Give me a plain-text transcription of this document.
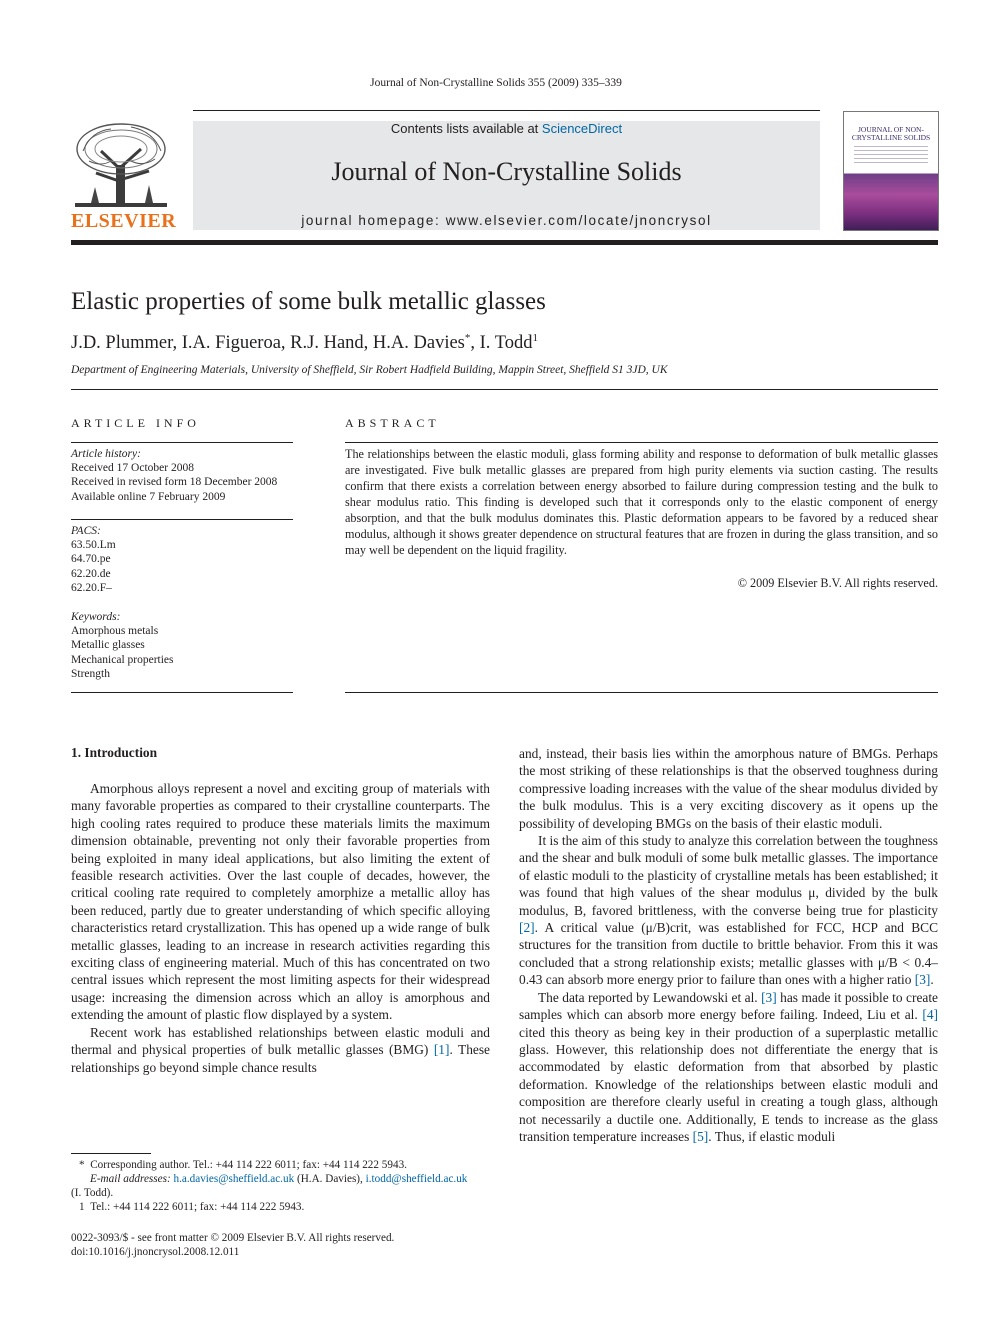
Journal of Non-Crystalline Solids 355 (2009) 335–339
ELSEVIER
Contents lists available at ScienceDirect
Journal of Non-Crystalline Solids
journal homepage: www.elsevier.com/locate/jnoncrysol
JOURNAL OF NON-CRYSTALLINE SOLIDS
Elastic properties of some bulk metallic glasses
J.D. Plummer, I.A. Figueroa, R.J. Hand, H.A. Davies*, I. Todd$^1$
Department of Engineering Materials, University of Sheffield, Sir Robert Hadfield Building, Mappin Street, Sheffield S1 3JD, UK
ARTICLE INFO
Article history:
Received 17 October 2008
Received in revised form 18 December 2008
Available online 7 February 2009
PACS:
63.50.Lm
64.70.pe
62.20.de
62.20.F–
Keywords:
Amorphous metals
Metallic glasses
Mechanical properties
Strength
ABSTRACT
The relationships between the elastic moduli, glass forming ability and response to deformation of bulk metallic glasses are investigated. Five bulk metallic glasses are prepared from high purity elements via suction casting. The results confirm that there exists a correlation between energy absorbed to failure during compression testing and the bulk to shear modulus ratio. This finding is developed such that it corresponds only to the elastic component of energy absorption, and that the bulk modulus dominates this. Plastic deformation appears to be favored by a reduced shear modulus, although it shows greater dependence on structural features that are frozen in during the glass transition, and so may well be dependent on the liquid fragility.
© 2009 Elsevier B.V. All rights reserved.
1. Introduction

Amorphous alloys represent a novel and exciting group of materials with many favorable properties as compared to their crystalline counterparts. The high cooling rates required to produce these materials limits the maximum dimension obtainable, preventing not only their favorable properties from being exploited in many ideal applications, but also limiting the extent of feasible research activities. Over the last couple of decades, however, the critical cooling rate required to completely amorphize a metallic alloy has been reduced, partly due to greater understanding of which specific alloying characteristics retard crystallization. This has opened up a wide range of bulk metallic glasses, leading to an increase in research activities regarding this exciting class of engineering material. Much of this has concentrated on two central issues which represent the most limiting aspects for their widespread usage: increasing the dimension across which an alloy is amorphous and extending the amount of plastic flow displayed by a system.

Recent work has established relationships between elastic moduli and thermal and physical properties of bulk metallic glasses (BMG) [1]. These relationships go beyond simple chance results

and, instead, their basis lies within the amorphous nature of BMGs. Perhaps the most striking of these relationships is that the observed toughness during compressive loading increases with the value of the shear modulus divided by the bulk modulus. This is a very exciting discovery as it opens up the possibility of developing BMGs on the basis of their elastic moduli.

It is the aim of this study to analyze this correlation between the toughness and the shear and bulk moduli of some bulk metallic glasses. The importance of elastic moduli to the plasticity of crystalline metals has been established; it was found that high values of the shear modulus μ, divided by the bulk modulus, B, favored brittleness, with the converse being true for plasticity [2]. A critical value (μ/B)crit, was established for FCC, HCP and BCC structures for the transition from ductile to brittle behavior. From this it was concluded that a strong relationship exists; metallic glasses with μ/B < 0.4–0.43 can absorb more energy prior to failure than ones with a higher ratio [3].

The data reported by Lewandowski et al. [3] has made it possible to create samples which can absorb more energy before failing. Indeed, Liu et al. [4] cited this theory as being key in their production of a superplastic metallic glass. However, this relationship does not differentiate the energy that is accommodated by elastic deformation from that absorbed by plastic deformation. Knowledge of the relationships between elastic moduli and composition are therefore clearly useful in creating a tough glass, although not necessarily a ductile one. Additionally, E tends to increase as the glass transition temperature increases [5]. Thus, if elastic moduli

* Corresponding author. Tel.: +44 114 222 6011; fax: +44 114 222 5943.
E-mail addresses: h.a.davies@sheffield.ac.uk (H.A. Davies), i.todd@sheffield.ac.uk
(I. Todd).
1 Tel.: +44 114 222 6011; fax: +44 114 222 5943.
0022-3093/$ - see front matter © 2009 Elsevier B.V. All rights reserved.
doi:10.1016/j.jnoncrysol.2008.12.011
